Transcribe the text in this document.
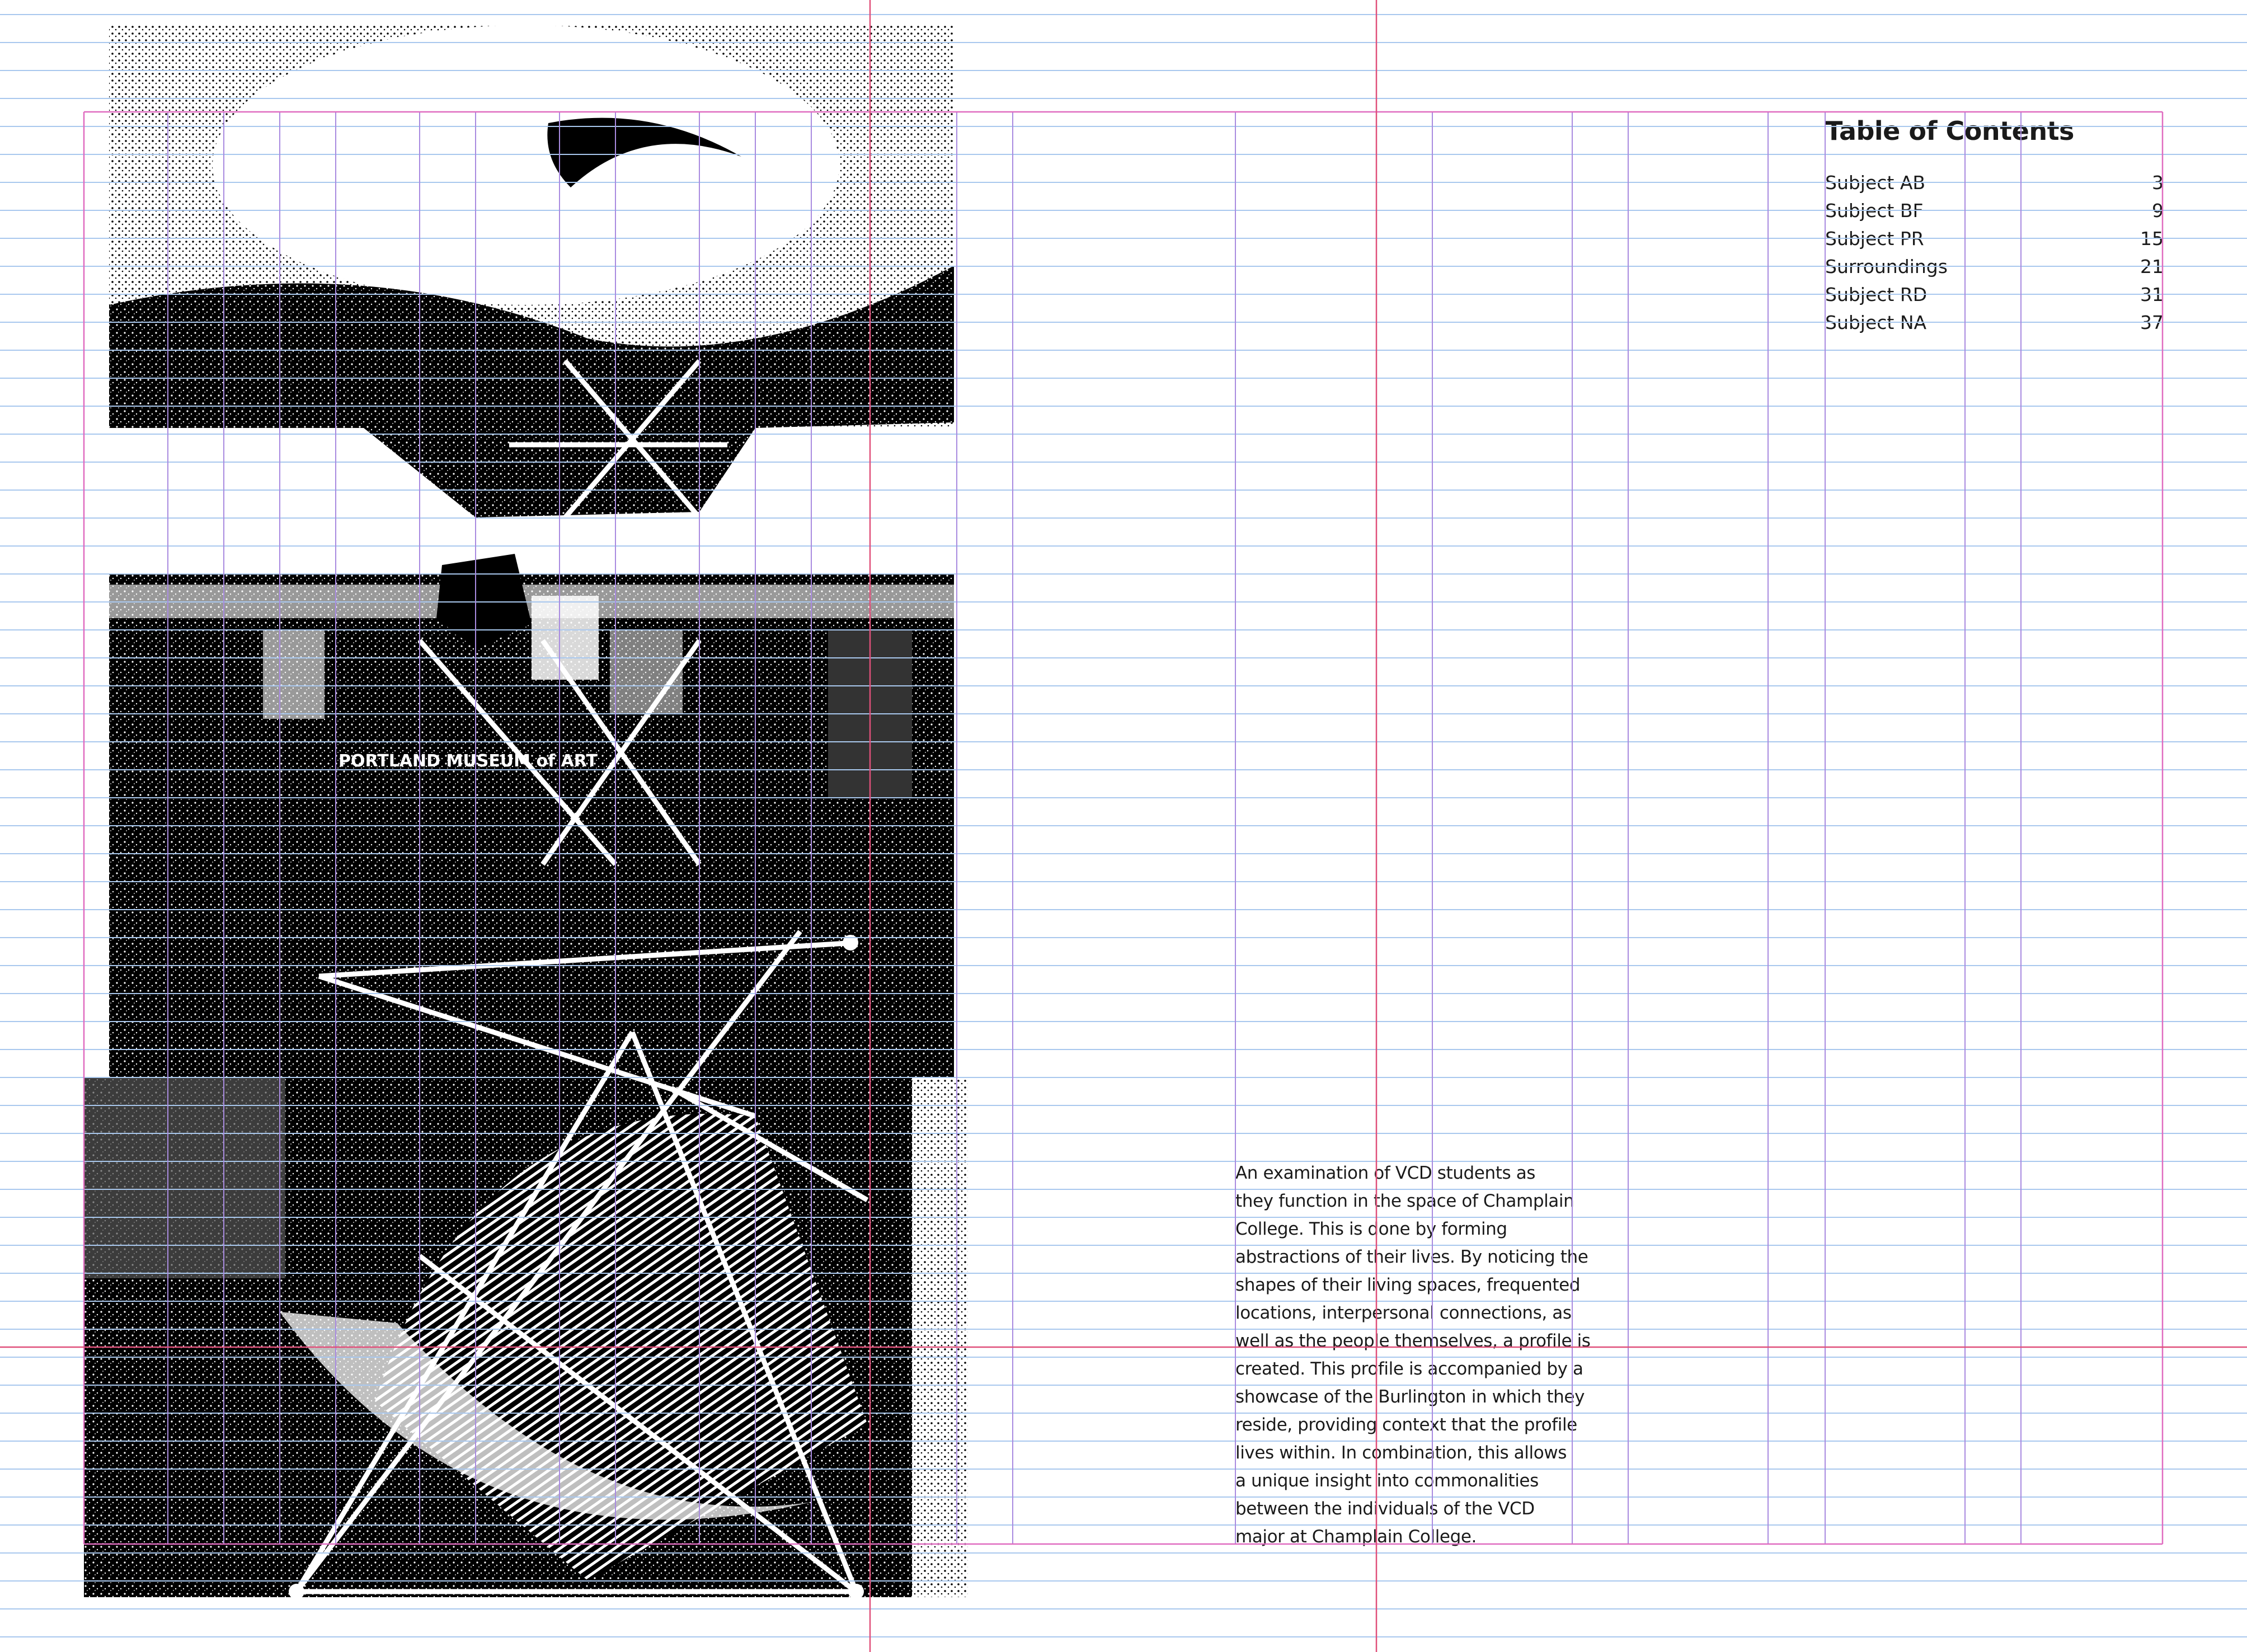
PORTLAND MUSEUM of ART
Table of Contents
Subject AB	3
Subject BF	9
Subject PR	15
Surroundings	21
Subject RD	31
Subject NA	37
An examination of VCD students as
they function in the space of Champlain
College. This is done by forming
abstractions of their lives. By noticing the
shapes of their living spaces, frequented
locations, interpersonal connections, as
well as the people themselves, a profile is
created. This profile is accompanied by a
showcase of the Burlington in which they
reside, providing context that the profile
lives within. In combination, this allows
a unique insight into commonalities
between the individuals of the VCD
major at Champlain College.
